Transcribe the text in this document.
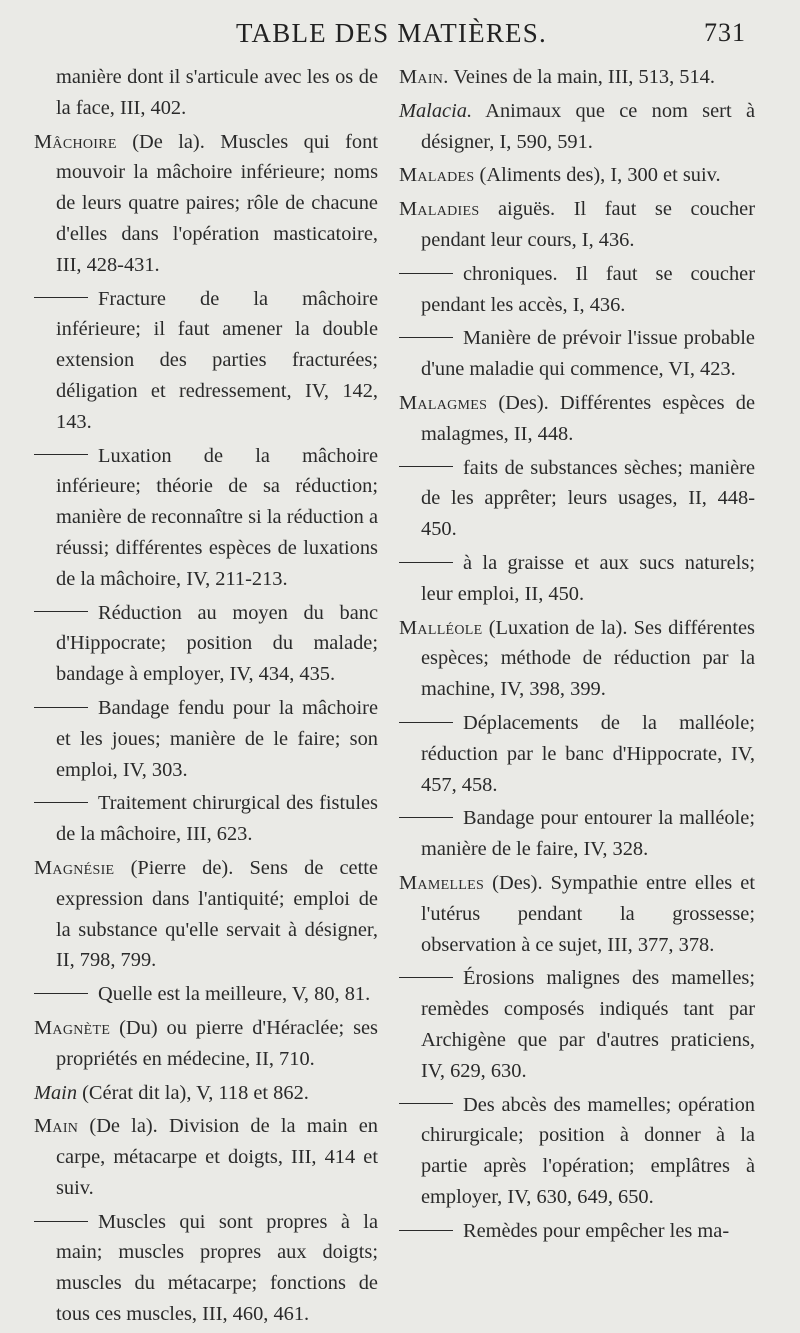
TABLE DES MATIÈRES.	731

manière dont il s'articule avec les os de la face, III, 402.

Mâchoire (De la). Muscles qui font mouvoir la mâchoire inférieure; noms de leurs quatre paires; rôle de chacune d'elles dans l'opération masticatoire, III, 428-431.

Fracture de la mâchoire inférieure; il faut amener la double extension des parties fracturées; déligation et redressement, IV, 142, 143.

Luxation de la mâchoire inférieure; théorie de sa réduction; manière de reconnaître si la réduction a réussi; différentes espèces de luxations de la mâchoire, IV, 211-213.

Réduction au moyen du banc d'Hippocrate; position du malade; bandage à employer, IV, 434, 435.

Bandage fendu pour la mâchoire et les joues; manière de le faire; son emploi, IV, 303.

Traitement chirurgical des fistules de la mâchoire, III, 623.

Magnésie (Pierre de). Sens de cette expression dans l'antiquité; emploi de la substance qu'elle servait à désigner, II, 798, 799.

Quelle est la meilleure, V, 80, 81.

Magnète (Du) ou pierre d'Héraclée; ses propriétés en médecine, II, 710.

Main (Cérat dit la), V, 118 et 862.

Main (De la). Division de la main en carpe, métacarpe et doigts, III, 414 et suiv.

Muscles qui sont propres à la main; muscles propres aux doigts; muscles du métacarpe; fonctions de tous ces muscles, III, 460, 461.

Main. Veines de la main, III, 513, 514.

Malacia. Animaux que ce nom sert à désigner, I, 590, 591.

Malades (Aliments des), I, 300 et suiv.

Maladies aiguës. Il faut se coucher pendant leur cours, I, 436.

chroniques. Il faut se coucher pendant les accès, I, 436.

Manière de prévoir l'issue probable d'une maladie qui commence, VI, 423.

Malagmes (Des). Différentes espèces de malagmes, II, 448.

faits de substances sèches; manière de les apprêter; leurs usages, II, 448-450.

à la graisse et aux sucs naturels; leur emploi, II, 450.

Malléole (Luxation de la). Ses différentes espèces; méthode de réduction par la machine, IV, 398, 399.

Déplacements de la malléole; réduction par le banc d'Hippocrate, IV, 457, 458.

Bandage pour entourer la malléole; manière de le faire, IV, 328.

Mamelles (Des). Sympathie entre elles et l'utérus pendant la grossesse; observation à ce sujet, III, 377, 378.

Érosions malignes des mamelles; remèdes composés indiqués tant par Archigène que par d'autres praticiens, IV, 629, 630.

Des abcès des mamelles; opération chirurgicale; position à donner à la partie après l'opération; emplâtres à employer, IV, 630, 649, 650.

Remèdes pour empêcher les ma-
